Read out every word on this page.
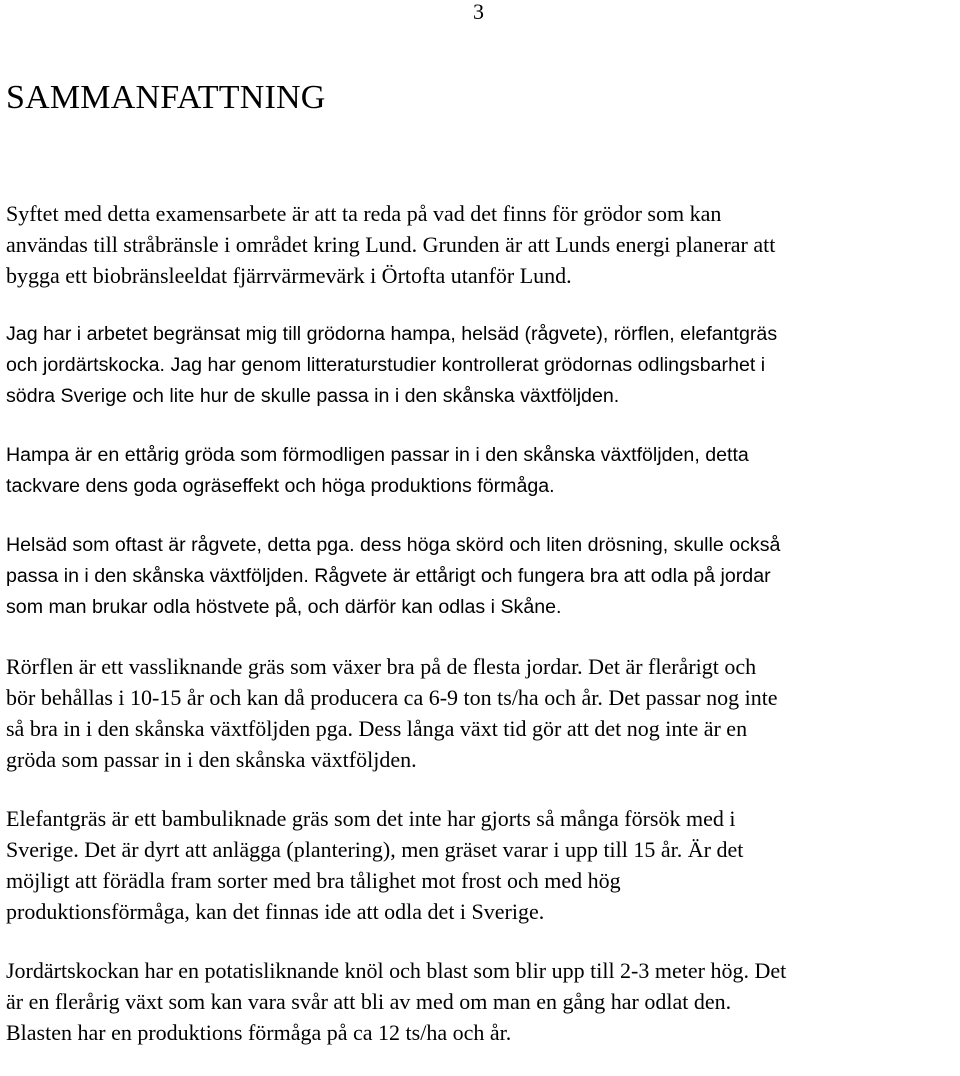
3
SAMMANFATTNING

Syftet med detta examensarbete är att ta reda på vad det finns för grödor som kan
användas till stråbränsle i området kring Lund. Grunden är att Lunds energi planerar att
bygga ett biobränsleeldat fjärrvärmevärk i Örtofta utanför Lund.

Jag har i arbetet begränsat mig till grödorna hampa, helsäd (rågvete), rörflen, elefantgräs
och jordärtskocka. Jag har genom litteraturstudier kontrollerat grödornas odlingsbarhet i
södra Sverige och lite hur de skulle passa in i den skånska växtföljden.

Hampa är en ettårig gröda som förmodligen passar in i den skånska växtföljden, detta
tackvare dens goda ogräseffekt och höga produktions förmåga.

Helsäd som oftast är rågvete, detta pga. dess höga skörd och liten drösning, skulle också
passa in i den skånska växtföljden. Rågvete är ettårigt och fungera bra att odla på jordar
som man brukar odla höstvete på, och därför kan odlas i Skåne.

Rörflen är ett vassliknande gräs som växer bra på de flesta jordar. Det är flerårigt och
bör behållas i 10-15 år och kan då producera ca 6-9 ton ts/ha och år. Det passar nog inte
så bra in i den skånska växtföljden pga. Dess långa växt tid gör att det nog inte är en
gröda som passar in i den skånska växtföljden.

Elefantgräs är ett bambuliknade gräs som det inte har gjorts så många försök med i
Sverige. Det är dyrt att anlägga (plantering), men gräset varar i upp till 15 år. Är det
möjligt att förädla fram sorter med bra tålighet mot frost och med hög
produktionsförmåga, kan det finnas ide att odla det i Sverige.

Jordärtskockan har en potatisliknande knöl och blast som blir upp till 2-3 meter hög. Det
är en flerårig växt som kan vara svår att bli av med om man en gång har odlat den.
Blasten har en produktions förmåga på ca 12 ts/ha och år.
